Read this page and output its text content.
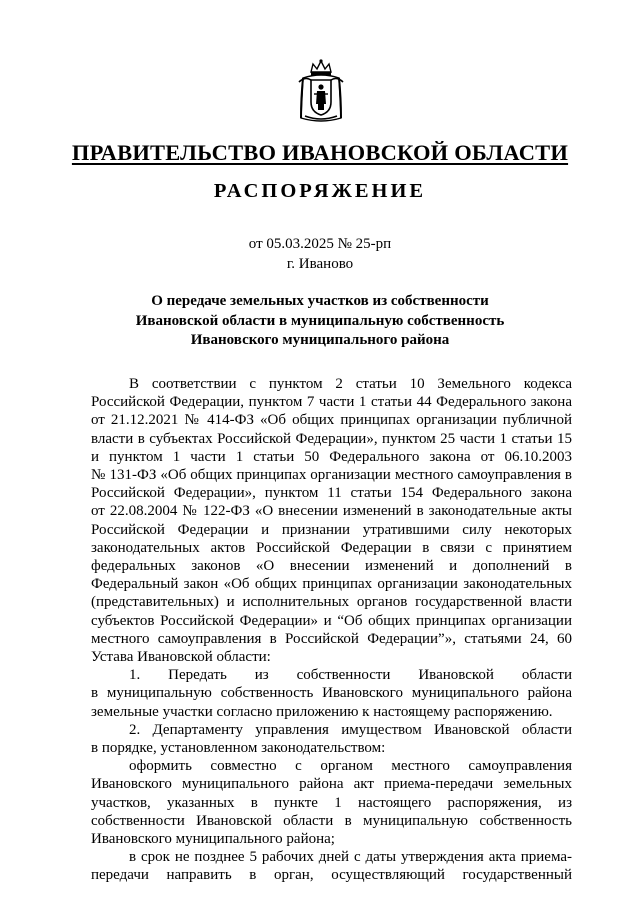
ПРАВИТЕЛЬСТВО ИВАНОВСКОЙ ОБЛАСТИ
РАСПОРЯЖЕНИЕ
от 05.03.2025 № 25-рп
г. Иваново
О передаче земельных участков из собственности
Ивановской области в муниципальную собственность
Ивановского муниципального района
В соответствии с пунктом 2 статьи 10 Земельного кодекса
Российской Федерации, пунктом 7 части 1 статьи 44 Федерального закона
от 21.12.2021 № 414-ФЗ «Об общих принципах организации публичной
власти в субъектах Российской Федерации», пунктом 25 части 1 статьи 15
и пунктом 1 части 1 статьи 50 Федерального закона от 06.10.2003
№ 131-ФЗ «Об общих принципах организации местного самоуправления в
Российской Федерации», пунктом 11 статьи 154 Федерального закона
от 22.08.2004 № 122-ФЗ «О внесении изменений в законодательные акты
Российской Федерации и признании утратившими силу некоторых
законодательных актов Российской Федерации в связи с принятием
федеральных законов «О внесении изменений и дополнений в
Федеральный закон «Об общих принципах организации законодательных
(представительных) и исполнительных органов государственной власти
субъектов Российской Федерации» и “Об общих принципах организации
местного самоуправления в Российской Федерации”», статьями 24, 60
Устава Ивановской области:
1. Передать из собственности Ивановской области
в муниципальную собственность Ивановского муниципального района
земельные участки согласно приложению к настоящему распоряжению.
2. Департаменту управления имуществом Ивановской области
в порядке, установленном законодательством:
оформить совместно с органом местного самоуправления
Ивановского муниципального района акт приема-передачи земельных
участков, указанных в пункте 1 настоящего распоряжения, из
собственности Ивановской области в муниципальную собственность
Ивановского муниципального района;
в срок не позднее 5 рабочих дней с даты утверждения акта приема-
передачи направить в орган, осуществляющий государственный
